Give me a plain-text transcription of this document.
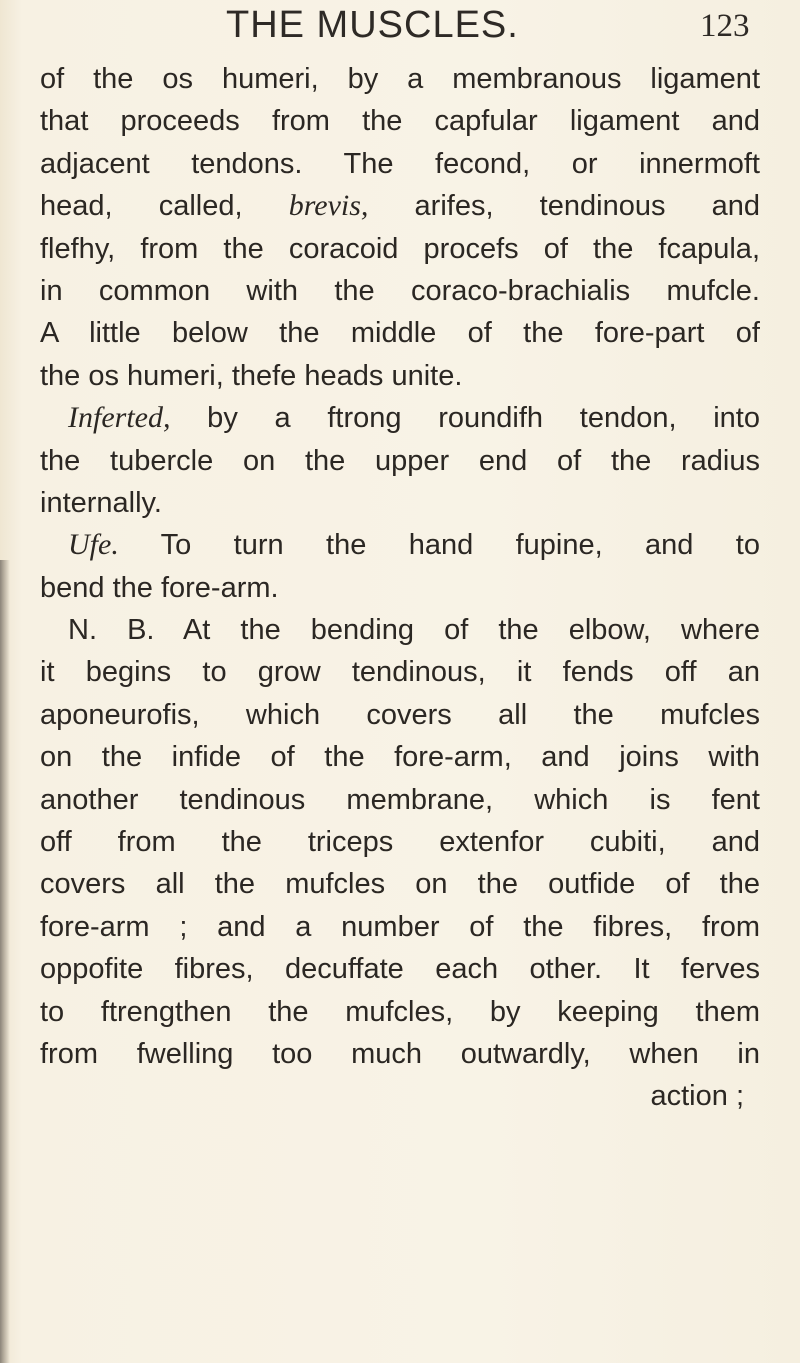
THE MUSCLES.	123
of the os humeri, by a membranous ligament
that proceeds from the capfular ligament and
adjacent tendons. The fecond, or innermoft
head, called, brevis, arifes, tendinous and
flefhy, from the coracoid procefs of the fcapula,
in common with the coraco-brachialis mufcle.
A little below the middle of the fore-part of
the os humeri, thefe heads unite.
Inferted, by a ftrong roundifh tendon, into
the tubercle on the upper end of the radius
internally.
Ufe. To turn the hand fupine, and to
bend the fore-arm.
N. B. At the bending of the elbow, where
it begins to grow tendinous, it fends off an
aponeurofis, which covers all the mufcles
on the infide of the fore-arm, and joins with
another tendinous membrane, which is fent
off from the triceps extenfor cubiti, and
covers all the mufcles on the outfide of the
fore-arm ; and a number of the fibres, from
oppofite fibres, decuffate each other. It ferves
to ftrengthen the mufcles, by keeping them
from fwelling too much outwardly, when in
action ;
